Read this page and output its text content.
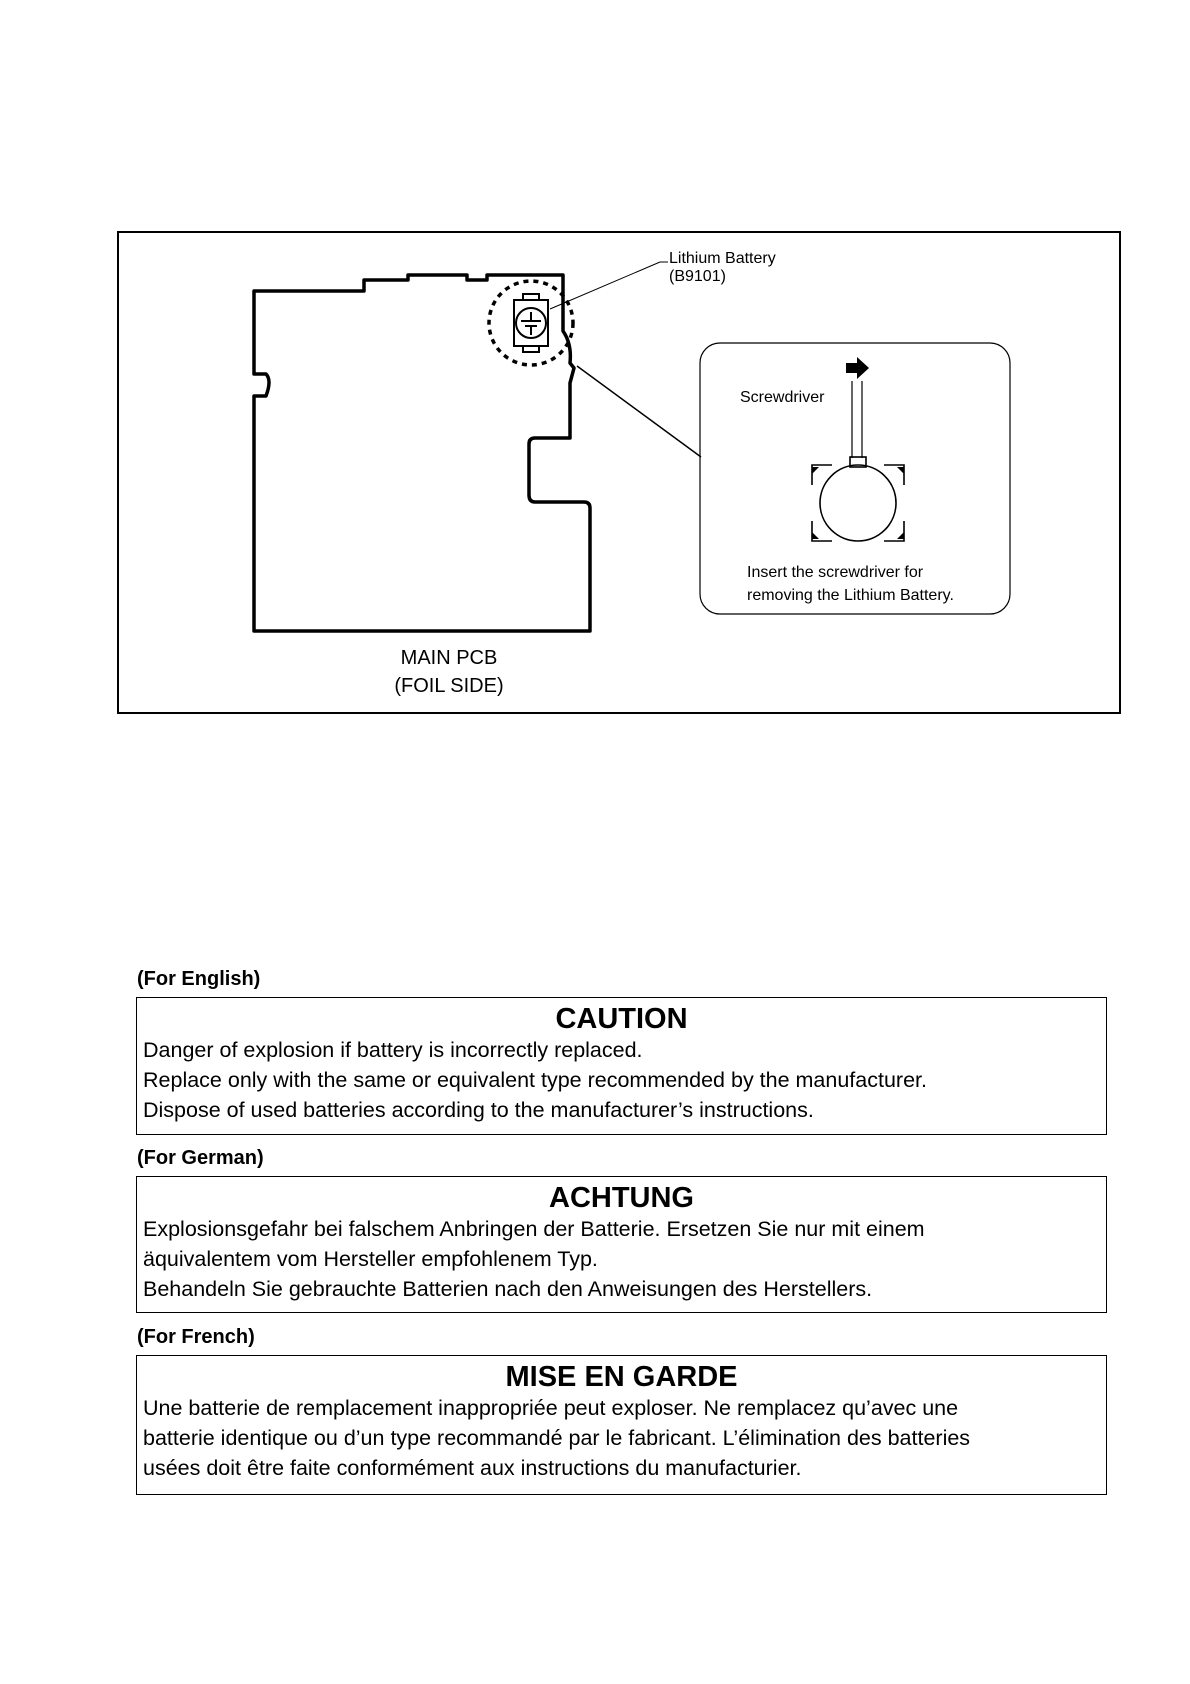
Lithium Battery
(B9101)
Screwdriver
Insert the screwdriver for
removing the Lithium Battery.
MAIN PCB
(FOIL SIDE)
(For English)
CAUTION

Danger of explosion if battery is incorrectly replaced.

Replace only with the same or equivalent type recommended by the manufacturer.

Dispose of used batteries according to the manufacturer’s instructions.

(For German)
ACHTUNG

Explosionsgefahr bei falschem Anbringen der Batterie. Ersetzen Sie nur mit einem

äquivalentem vom Hersteller empfohlenem Typ.

Behandeln Sie gebrauchte Batterien nach den Anweisungen des Herstellers.

(For French)
MISE EN GARDE

Une batterie de remplacement inappropriée peut exploser. Ne remplacez qu’avec une

batterie identique ou d’un type recommandé par le fabricant. L’élimination des batteries

usées doit être faite conformément aux instructions du manufacturier.
